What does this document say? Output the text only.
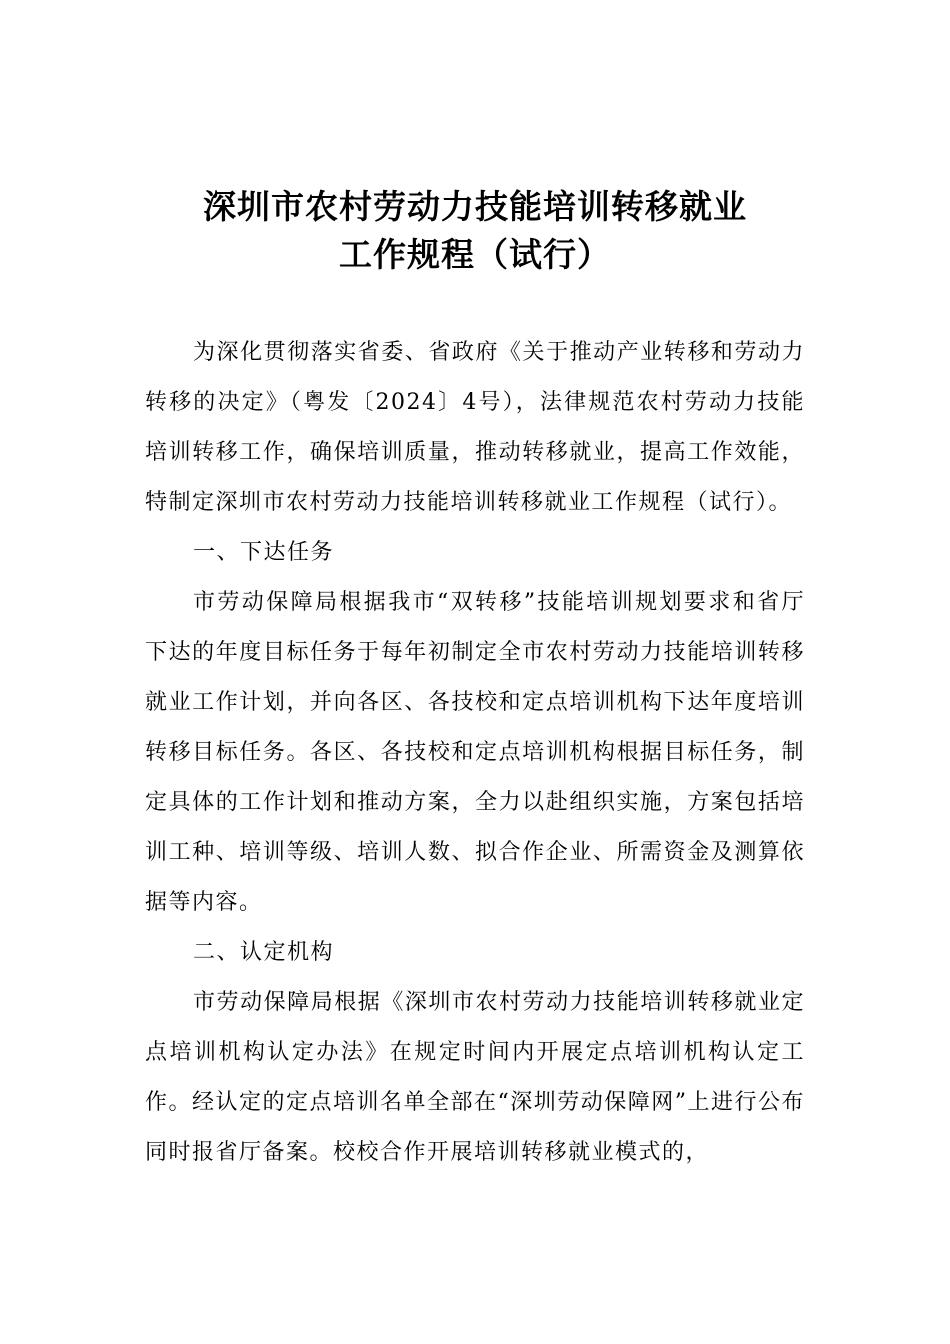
深圳市农村劳动力技能培训转移就业
工作规程（试行）

为深化贯彻落实省委、省政府《关于推动产业转移和劳动力转移的决定》（粤发〔2024〕4号），法律规范农村劳动力技能培训转移工作，确保培训质量，推动转移就业，提高工作效能，特制定深圳市农村劳动力技能培训转移就业工作规程（试行）。

一、下达任务

市劳动保障局根据我市“双转移”技能培训规划要求和省厅下达的年度目标任务于每年初制定全市农村劳动力技能培训转移就业工作计划，并向各区、各技校和定点培训机构下达年度培训转移目标任务。各区、各技校和定点培训机构根据目标任务，制定具体的工作计划和推动方案，全力以赴组织实施，方案包括培训工种、培训等级、培训人数、拟合作企业、所需资金及测算依据等内容。

二、认定机构

市劳动保障局根据《深圳市农村劳动力技能培训转移就业定点培训机构认定办法》在规定时间内开展定点培训机构认定工作。经认定的定点培训名单全部在“深圳劳动保障网”上进行公布同时报省厅备案。校校合作开展培训转移就业模式的，
